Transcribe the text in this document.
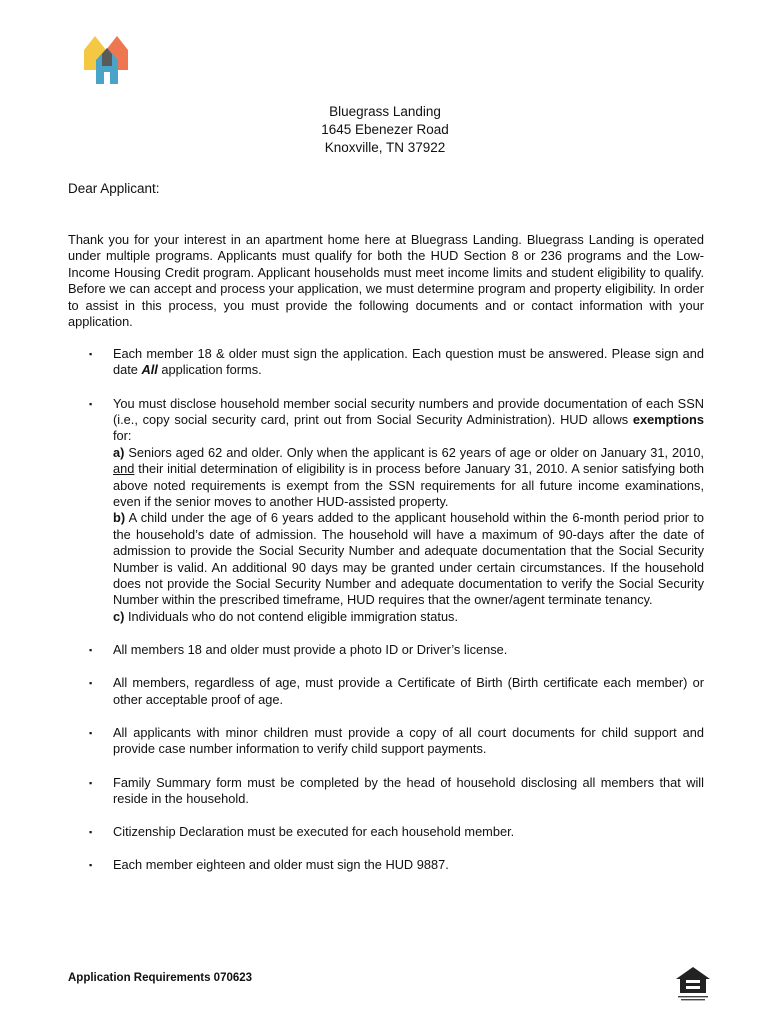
Bluegrass Landing
1645 Ebenezer Road
Knoxville, TN 37922
Dear Applicant:
Thank you for your interest in an apartment home here at Bluegrass Landing. Bluegrass Landing is operated under multiple programs. Applicants must qualify for both the HUD Section 8 or 236 programs and the Low-Income Housing Credit program. Applicant households must meet income limits and student eligibility to qualify. Before we can accept and process your application, we must determine program and property eligibility. In order to assist in this process, you must provide the following documents and or contact information with your application.
▪ Each member 18 & older must sign the application. Each question must be answered. Please sign and date All application forms.
▪ You must disclose household member social security numbers and provide documentation of each SSN (i.e., copy social security card, print out from Social Security Administration). HUD allows exemptions for:

a) Seniors aged 62 and older. Only when the applicant is 62 years of age or older on January 31, 2010, and their initial determination of eligibility is in process before January 31, 2010. A senior satisfying both above noted requirements is exempt from the SSN requirements for all future income examinations, even if the senior moves to another HUD-assisted property.

b) A child under the age of 6 years added to the applicant household within the 6-month period prior to the household’s date of admission. The household will have a maximum of 90-days after the date of admission to provide the Social Security Number and adequate documentation that the Social Security Number is valid. An additional 90 days may be granted under certain circumstances. If the household does not provide the Social Security Number and adequate documentation to verify the Social Security Number within the prescribed timeframe, HUD requires that the owner/agent terminate tenancy.

c) Individuals who do not contend eligible immigration status.

▪ All members 18 and older must provide a photo ID or Driver’s license.
▪ All members, regardless of age, must provide a Certificate of Birth (Birth certificate each member) or other acceptable proof of age.
▪ All applicants with minor children must provide a copy of all court documents for child support and provide case number information to verify child support payments.
▪ Family Summary form must be completed by the head of household disclosing all members that will reside in the household.
▪ Citizenship Declaration must be executed for each household member.
▪ Each member eighteen and older must sign the HUD 9887.
Application Requirements 070623
